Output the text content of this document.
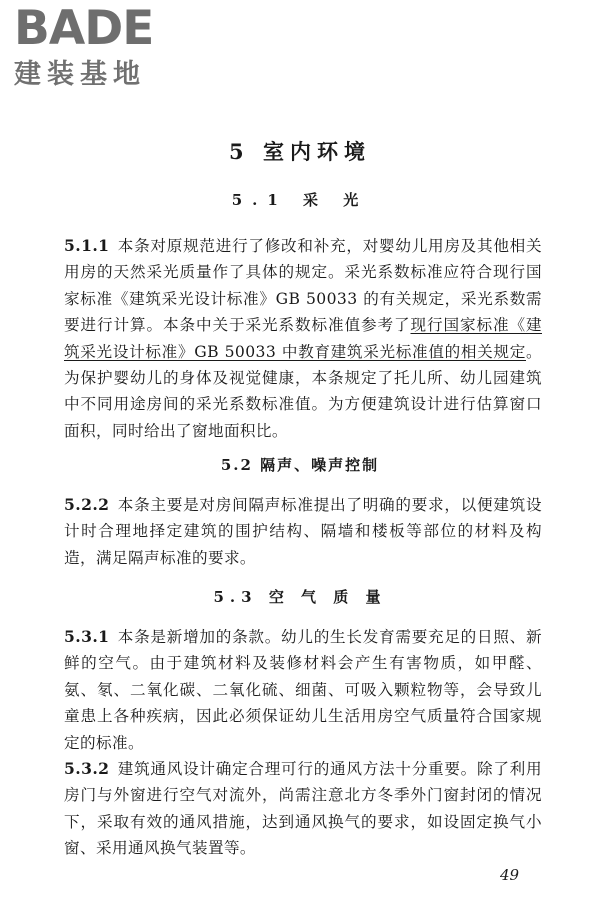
BADE
建装基地
5 室内环境
5.1 采 光

5.1.1 本条对原规范进行了修改和补充，对婴幼儿用房及其他相关用房的天然采光质量作了具体的规定。采光系数标准应符合现行国家标准《建筑采光设计标准》GB 50033 的有关规定，采光系数需要进行计算。本条中关于采光系数标准值参考了现行国家标准《建筑采光设计标准》GB 50033 中教育建筑采光标准值的相关规定。为保护婴幼儿的身体及视觉健康，本条规定了托儿所、幼儿园建筑中不同用途房间的采光系数标准值。为方便建筑设计进行估算窗口面积，同时给出了窗地面积比。

5.2 隔声、噪声控制

5.2.2 本条主要是对房间隔声标准提出了明确的要求，以便建筑设计时合理地择定建筑的围护结构、隔墙和楼板等部位的材料及构造，满足隔声标准的要求。

5.3 空 气 质 量

5.3.1 本条是新增加的条款。幼儿的生长发育需要充足的日照、新鲜的空气。由于建筑材料及装修材料会产生有害物质，如甲醛、氨、氡、二氧化碳、二氧化硫、细菌、可吸入颗粒物等，会导致儿童患上各种疾病，因此必须保证幼儿生活用房空气质量符合国家规定的标准。

5.3.2 建筑通风设计确定合理可行的通风方法十分重要。除了利用房门与外窗进行空气对流外，尚需注意北方冬季外门窗封闭的情况下，采取有效的通风措施，达到通风换气的要求，如设固定换气小窗、采用通风换气装置等。

49
